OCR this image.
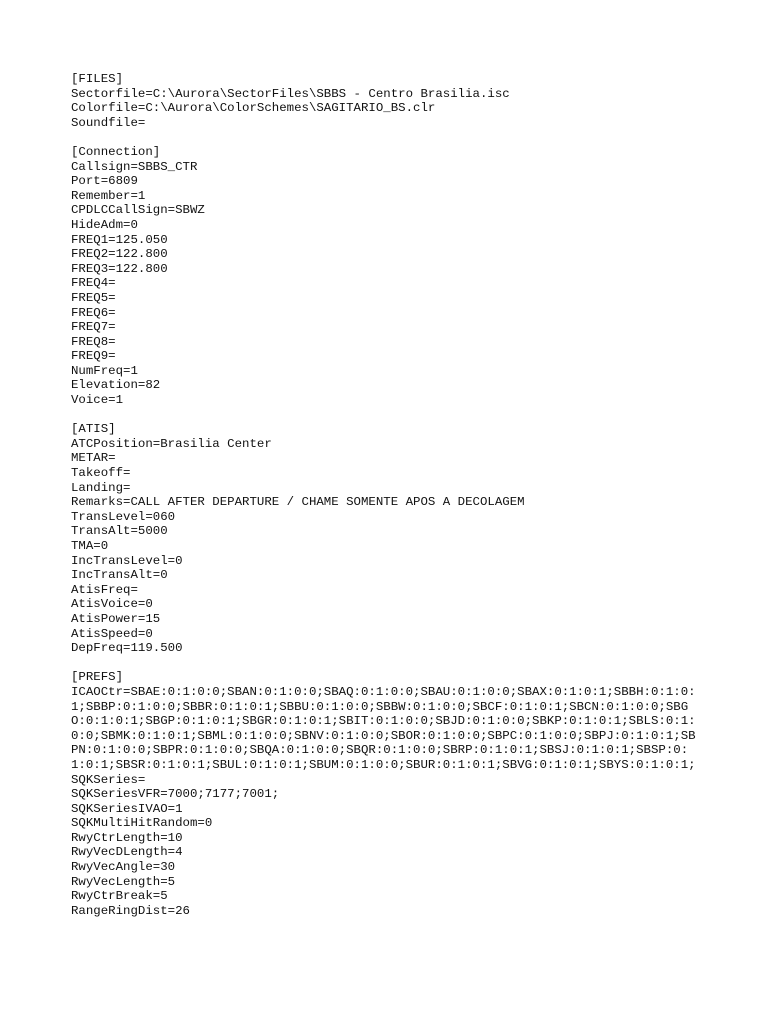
[FILES]
Sectorfile=C:\Aurora\SectorFiles\SBBS - Centro Brasilia.isc
Colorfile=C:\Aurora\ColorSchemes\SAGITARIO_BS.clr
Soundfile=
[Connection]
Callsign=SBBS_CTR
Port=6809
Remember=1
CPDLCCallSign=SBWZ
HideAdm=0
FREQ1=125.050
FREQ2=122.800
FREQ3=122.800
FREQ4=
FREQ5=
FREQ6=
FREQ7=
FREQ8=
FREQ9=
NumFreq=1
Elevation=82
Voice=1
[ATIS]
ATCPosition=Brasilia Center
METAR=
Takeoff=
Landing=
Remarks=CALL AFTER DEPARTURE / CHAME SOMENTE APOS A DECOLAGEM
TransLevel=060
TransAlt=5000
TMA=0
IncTransLevel=0
IncTransAlt=0
AtisFreq=
AtisVoice=0
AtisPower=15
AtisSpeed=0
DepFreq=119.500
[PREFS]
ICAOCtr=SBAE:0:1:0:0;SBAN:0:1:0:0;SBAQ:0:1:0:0;SBAU:0:1:0:0;SBAX:0:1:0:1;SBBH:0:1:0:1;SBBP:0:1:0:0;SBBR:0:1:0:1;SBBU:0:1:0:0;SBBW:0:1:0:0;SBCF:0:1:0:1;SBCN:0:1:0:0;SBGO:0:1:0:1;SBGP:0:1:0:1;SBGR:0:1:0:1;SBIT:0:1:0:0;SBJD:0:1:0:0;SBKP:0:1:0:1;SBLS:0:1:0:0;SBMK:0:1:0:1;SBML:0:1:0:0;SBNV:0:1:0:0;SBOR:0:1:0:0;SBPC:0:1:0:0;SBPJ:0:1:0:1;SBPN:0:1:0:0;SBPR:0:1:0:0;SBQA:0:1:0:0;SBQR:0:1:0:0;SBRP:0:1:0:1;SBSJ:0:1:0:1;SBSP:0:1:0:1;SBSR:0:1:0:1;SBUL:0:1:0:1;SBUM:0:1:0:0;SBUR:0:1:0:1;SBVG:0:1:0:1;SBYS:0:1:0:1;
SQKSeries=
SQKSeriesVFR=7000;7177;7001;
SQKSeriesIVAO=1
SQKMultiHitRandom=0
RwyCtrLength=10
RwyVecDLength=4
RwyVecAngle=30
RwyVecLength=5
RwyCtrBreak=5
RangeRingDist=26
